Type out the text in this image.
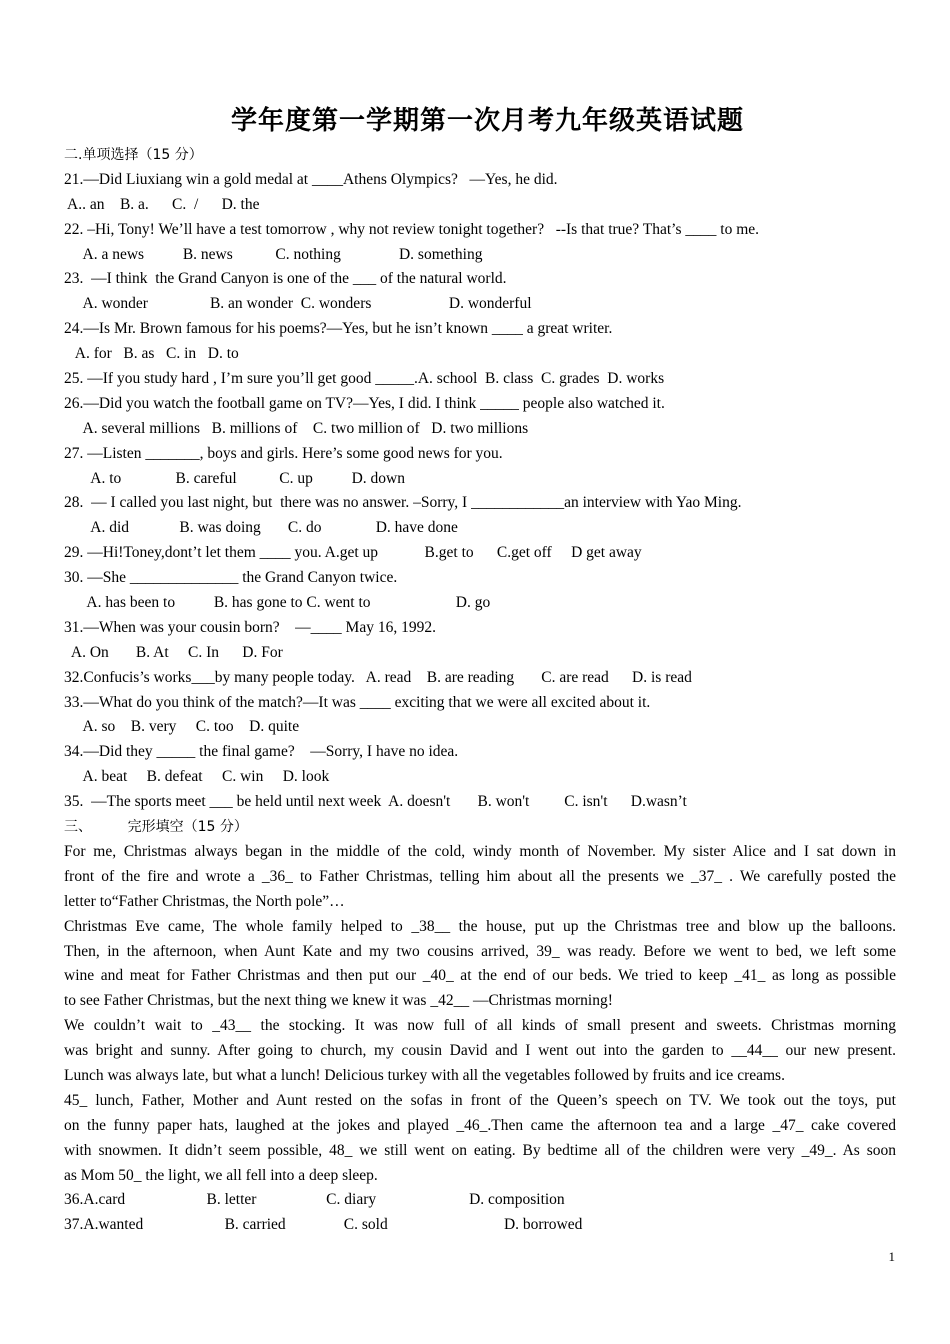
学年度第一学期第一次月考九年级英语试题
二.单项选择（15 分）
21.—Did Liuxiang win a gold medal at ____Athens Olympics?   —Yes, he did.
A.. an    B. a.      C.  /      D. the
22. –Hi, Tony! We’ll have a test tomorrow , why not review tonight together?   --Is that true? That’s ____ to me.
A. a news          B. news           C. nothing               D. something
23.  —I think  the Grand Canyon is one of the ___ of the natural world.
A. wonder                B. an wonder  C. wonders                    D. wonderful
24.—Is Mr. Brown famous for his poems?—Yes, but he isn’t known ____ a great writer.
A. for   B. as   C. in   D. to
25. —If you study hard , I’m sure you’ll get good _____.A. school  B. class  C. grades  D. works
26.—Did you watch the football game on TV?—Yes, I did. I think _____ people also watched it.
A. several millions   B. millions of    C. two million of   D. two millions
27. —Listen _______, boys and girls. Here’s some good news for you.
A. to              B. careful           C. up          D. down
28.  — I called you last night, but  there was no answer. –Sorry, I ____________an interview with Yao Ming.
A. did             B. was doing       C. do              D. have done
29. —Hi!Toney,dont’t let them ____ you. A.get up            B.get to      C.get off     D get away
30. —She ______________ the Grand Canyon twice.
A. has been to          B. has gone to C. went to                      D. go
31.—When was your cousin born?    —____ May 16, 1992.
A. On       B. At     C. In      D. For
32.Confucis’s works___by many people today.   A. read    B. are reading       C. are read      D. is read
33.—What do you think of the match?—It was ____ exciting that we were all excited about it.
A. so    B. very     C. too    D. quite
34.—Did they _____ the final game?    —Sorry, I have no idea.
A. beat     B. defeat     C. win     D. look
35.  —The sports meet ___ be held until next week  A. doesn't       B. won't         C. isn't      D.wasn’t
三、        完形填空（15 分）
For me, Christmas always began in the middle of the cold, windy month of November. My sister Alice and I sat down in
front of the fire and wrote a _36_ to Father Christmas, telling him about all the presents we _37_ . We carefully posted the
letter to“Father Christmas, the North pole”…
Christmas Eve came, The whole family helped to _38__ the house, put up the Christmas tree and blow up the balloons.
Then, in the afternoon, when Aunt Kate and my two cousins arrived, 39_ was ready. Before we went to bed, we left some
wine and meat for Father Christmas and then put our _40_ at the end of our beds. We tried to keep _41_ as long as possible
to see Father Christmas, but the next thing we knew it was _42__ —Christmas morning!
We couldn’t wait to _43__ the stocking. It was now full of all kinds of small present and sweets. Christmas morning
was bright and sunny. After going to church, my cousin David and I went out into the garden to __44__ our new present.
Lunch was always late, but what a lunch! Delicious turkey with all the vegetables followed by fruits and ice creams.
45_ lunch, Father, Mother and Aunt rested on the sofas in front of the Queen’s speech on TV. We took out the toys, put
on the funny paper hats, laughed at the jokes and played _46_.Then came the afternoon tea and a large _47_ cake covered
with snowmen. It didn’t seem possible, 48_ we still went on eating. By bedtime all of the children were very _49_. As soon
as Mom 50_ the light, we all fell into a deep sleep.
36.A.card                     B. letter                  C. diary                        D. composition
37.A.wanted                     B. carried               C. sold                              D. borrowed
1
